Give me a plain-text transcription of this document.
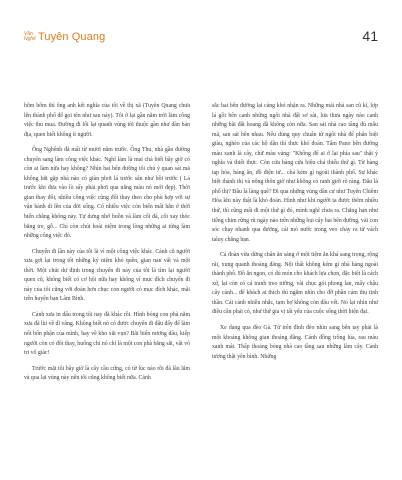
Văn
Nghệ Tuyên Quang	41

hôm hôm thì ông anh kết nghĩa của tôi về thị xã (Tuyên Quang chưa lên thành phố để gọi tên như sau này). Tôi ở lại gần năm trời làm công việc thu mua. Đường đi lối lại quanh vùng tôi thuộc gần như dân bản địa, quen biết không ít người.

Ông Nghênh đã mất từ mươi năm trước. Ông Thu, nhà gần đường chuyển sang làm công việc khác. Nghĩ làm là mai chả biết bây giờ có còn ai làm nữa hay không? Nhìn hai bên đường tôi chú ý quan sát mà không bắt gặp nhà nào có giàn phơi lá trước sân như hồi trước ( Lá trước khi đưa vào lò sấy phải phơi qua nắng màu nó mới đẹp). Thời gian thay đổi, nhiều công việc cũng đổi thay theo cho phù hợp với sự vận hành di lên của đời sống. Có nhiều việc còn biến mất hẳn ở thời biến chẳng không này. Tự dưng nhớ buồn và làm cối đá, cối xay thóc bằng tre, gỗ... Chỉ còn chút hoài niệm trong lòng những ai từng làm những công việc đó.

Chuyến đi lần này của tôi là vì một công việc khác. Cảnh cũ người xưa gợi lại trong tôi những kỷ niệm khó quên, gian nan vất vả một thời. Một chút dự định trong chuyến đi này của tôi là tìm lại người quen cũ, không biết có cơ hội nữa hay không vì mục đích chuyến đi này của tôi cũng với đoàn hơn chục con người có mục đích khác, mãi trên huyện bạn Lâm Bình.

Cảnh xưa in dấu trong tôi nay đã khác rồi. Hình bóng con phà năm xưa đã lùi về dĩ vãng. Không biết nó có được chuyển đi đâu đấy để làm nốt bổn phận của mình, hay về kho xắt vụn? Bãi biển nương dâu, kiếp người còn có đổi thay, huống chi nó chỉ là một con phà bằng sắt, vật vô tri vô giác!

Trước mặt tôi bây giờ là cây cầu cứng, có từ lúc nào rồi đã lâu lắm và qua lại vùng này nên tôi cũng không biết nữa. Cảnh

sắc hai bên đường lại càng khó nhận ra. Những mái nhà san cũ kĩ, lợp lá gồi bên cạnh những ngôi nhà đất sơ sài, lưa thưa ngày nào cạnh những bãi đất hoang đã không còn nữa. San sát nhà cao tầng đủ mẫu mã, san sát bên nhau. Nếu dùng quy chuẩn từ ngôi nhà để phân biệt giàu, nghèo của các hộ dân thì thực khó đoán. Tấm Pano bên đường màu xanh là cây, chữ màu vàng: "Không để ai ở lại phía sau" thật ý nghĩa và thiết thực. Còn cửa hàng cửa hiệu chả thiếu thứ gì. Từ hàng tạp hóa, hàng ăn, đồ điện tử... chả kém gì ngoài thành phố. Sự khác biệt thành thị và nông thôn giờ như không có ranh giới rõ ràng. Đâu là phố thị? Đâu là làng quê? Đi qua những vùng dân cư như Tuyên Chiêm Hòa khi này thật là khó đoán. Hình như khi người ta được thêm nhiều thứ, thì cũng mất đi một thứ gì đó, mình nghĩ chưa ra. Chẳng hạn như tiếng chim rừng rít ngày nào trên những bụi cây hai bên đường, vài con sóc chạy nhanh qua đường, cái mỏ nước trong veo chảy ra từ vách taluy chẳng hạn.

Cả đoàn vừa dừng chân ăn sáng ở một tiệm ăn khá sang trọng, rộng rãi, xung quanh thoáng đãng. Nội thất không kém gì nhà hàng ngoài thành phố. Đồ ăn ngon, có đủ món cho khách lựa chọn, đặc biệt là cách xử, lại còn có cá tranh treo tường, vài chục gói phong lan, mấy chậu cây cảnh... để khách ai thích thì ngắm nhìn cho đỡ phần cảm thụ tinh thần. Cái cảnh nhiều nhắc, tạm bợ không còn đâu vết. Nó lại nhìn như điều cần phải có, như thứ gia vị tất yếu của cuộc sống thời hiện đại.

Xe dang qua đèo Gà. Từ trên đỉnh đèo nhìn sang bên tay phải là một khoảng không gian thoáng đãng. Cánh đồng trồng lúa, rau màu xanh mát. Thấp thoáng bóng nhà cao tầng sau những làm cây. Cảnh tượng thật yên bình. Những
